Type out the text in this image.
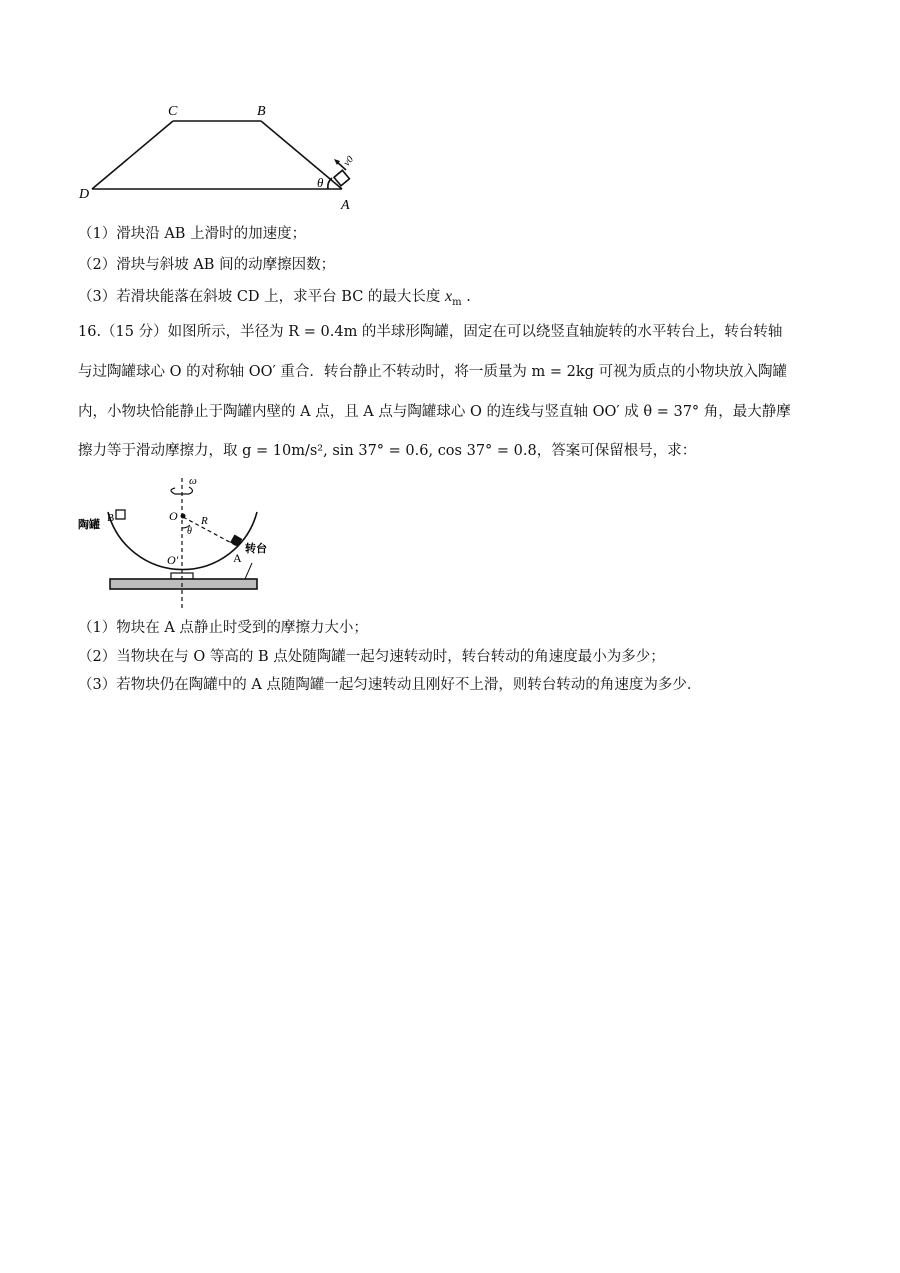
C	B
D
A
θ
v0
（1）滑块沿 AB 上滑时的加速度；
（2）滑块与斜坡 AB 间的动摩擦因数；
（3）若滑块能落在斜坡 CD 上，求平台 BC 的最大长度 $x_m$ .
16.（15 分）如图所示，半径为 R = 0.4m 的半球形陶罐，固定在可以绕竖直轴旋转的水平转台上，转台转轴
与过陶罐球心 O 的对称轴 OO′ 重合．转台静止不转动时，将一质量为 m = 2kg 可视为质点的小物块放入陶罐
内，小物块恰能静止于陶罐内壁的 A 点，且 A 点与陶罐球心 O 的连线与竖直轴 OO′ 成 θ = 37° 角，最大静摩
擦力等于滑动摩擦力，取 g = 10m/s², sin 37° = 0.6, cos 37° = 0.8，答案可保留根号，求：
ω
O R
θ
B
陶罐
O′	A
转台
（1）物块在 A 点静止时受到的摩擦力大小；
（2）当物块在与 O 等高的 B 点处随陶罐一起匀速转动时，转台转动的角速度最小为多少；
（3）若物块仍在陶罐中的 A 点随陶罐一起匀速转动且刚好不上滑，则转台转动的角速度为多少．
